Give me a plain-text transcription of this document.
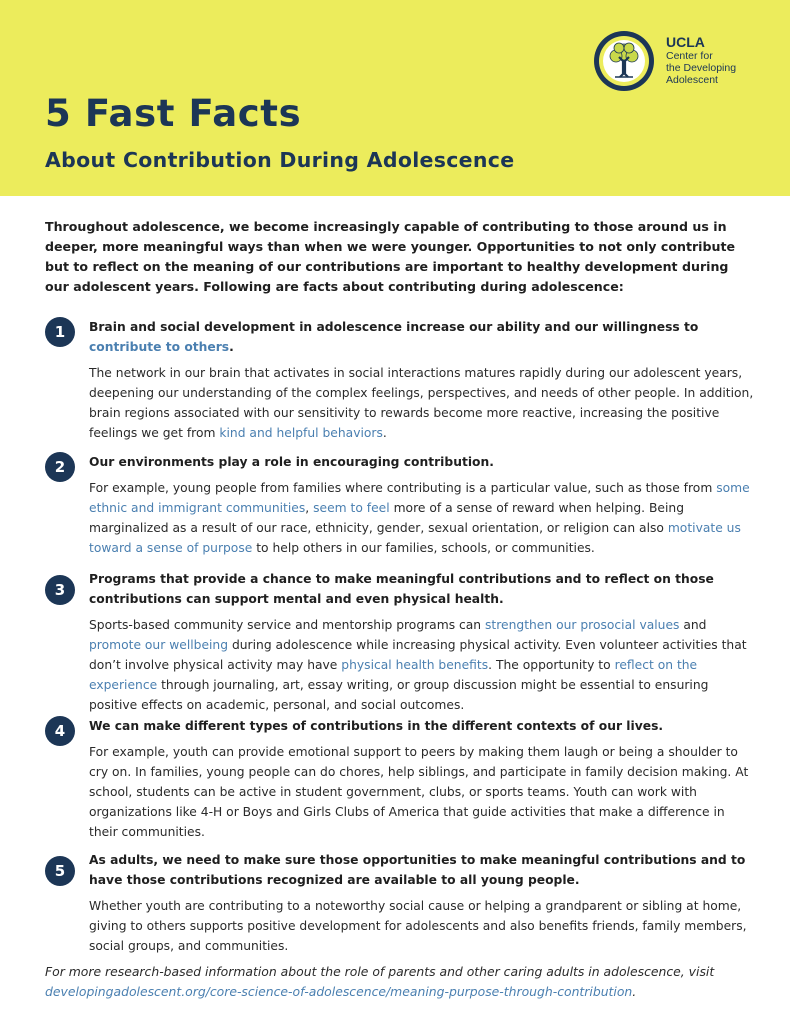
UCLA
Center for
the Developing
Adolescent
5 Fast Facts
About Contribution During Adolescence
Throughout adolescence, we become increasingly capable of contributing to those around us in deeper, more meaningful ways than when we were younger. Opportunities to not only contribute but to reflect on the meaning of our contributions are important to healthy development during our adolescent years. Following are facts about contributing during adolescence:
1	Brain and social development in adolescence increase our ability and our willingness to contribute to others.
The network in our brain that activates in social interactions matures rapidly during our adolescent years, deepening our understanding of the complex feelings, perspectives, and needs of other people. In addition, brain regions associated with our sensitivity to rewards become more reactive, increasing the positive feelings we get from kind and helpful behaviors.
2	Our environments play a role in encouraging contribution.
For example, young people from families where contributing is a particular value, such as those from some ethnic and immigrant communities, seem to feel more of a sense of reward when helping. Being marginalized as a result of our race, ethnicity, gender, sexual orientation, or religion can also motivate us toward a sense of purpose to help others in our families, schools, or communities.
3
Programs that provide a chance to make meaningful contributions and to reflect on those contributions can support mental and even physical health.
Sports-based community service and mentorship programs can strengthen our prosocial values and promote our wellbeing during adolescence while increasing physical activity. Even volunteer activities that don’t involve physical activity may have physical health benefits. The opportunity to reflect on the experience through journaling, art, essay writing, or group discussion might be essential to ensuring positive effects on academic, personal, and social outcomes.
4	We can make different types of contributions in the different contexts of our lives.
For example, youth can provide emotional support to peers by making them laugh or being a shoulder to cry on. In families, young people can do chores, help siblings, and participate in family decision making. At school, students can be active in student government, clubs, or sports teams. Youth can work with organizations like 4-H or Boys and Girls Clubs of America that guide activities that make a difference in their communities.
5
As adults, we need to make sure those opportunities to make meaningful contributions and to have those contributions recognized are available to all young people.
Whether youth are contributing to a noteworthy social cause or helping a grandparent or sibling at home, giving to others supports positive development for adolescents and also benefits friends, family members, social groups, and communities.
For more research-based information about the role of parents and other caring adults in adolescence, visit developingadolescent.org/core-science-of-adolescence/meaning-purpose-through-contribution.
